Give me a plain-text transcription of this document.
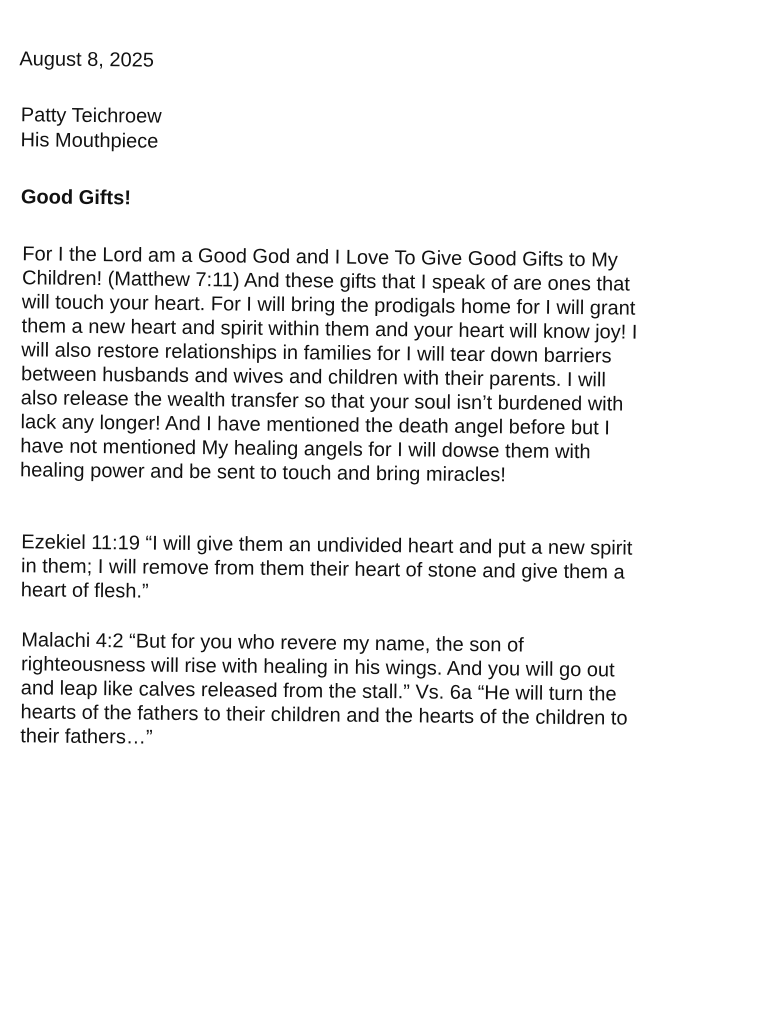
August 8, 2025
Patty Teichroew
His Mouthpiece
Good Gifts!
For I the Lord am a Good God and I Love To Give Good Gifts to My
Children! (Matthew 7:11) And these gifts that I speak of are ones that
will touch your heart. For I will bring the prodigals home for I will grant
them a new heart and spirit within them and your heart will know joy! I
will also restore relationships in families for I will tear down barriers
between husbands and wives and children with their parents. I will
also release the wealth transfer so that your soul isn’t burdened with
lack any longer! And I have mentioned the death angel before but I
have not mentioned My healing angels for I will dowse them with
healing power and be sent to touch and bring miracles!
Ezekiel 11:19 “I will give them an undivided heart and put a new spirit
in them; I will remove from them their heart of stone and give them a
heart of flesh.”
Malachi 4:2 “But for you who revere my name, the son of
righteousness will rise with healing in his wings. And you will go out
and leap like calves released from the stall.” Vs. 6a “He will turn the
hearts of the fathers to their children and the hearts of the children to
their fathers…”
